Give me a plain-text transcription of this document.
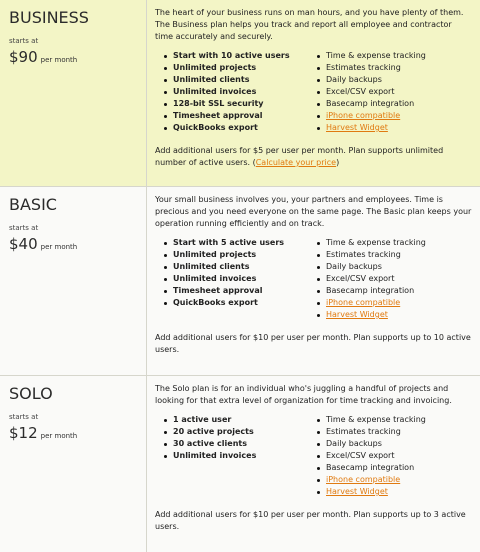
BUSINESS
starts at
$90 per month

The heart of your business runs on man hours, and you have plenty of them. The Business plan helps you track and report all employee and contractor time accurately and securely.

Start with 10 active users
Unlimited projects
Unlimited clients
Unlimited invoices
128-bit SSL security
Timesheet approval
QuickBooks export
Time & expense tracking
Estimates tracking
Daily backups
Excel/CSV export
Basecamp integration
iPhone compatible
Harvest Widget

Add additional users for $5 per user per month. Plan supports unlimited number of active users. (Calculate your price)

BASIC
starts at
$40 per month

Your small business involves you, your partners and employees. Time is precious and you need everyone on the same page. The Basic plan keeps your operation running efficiently and on track.

Start with 5 active users
Unlimited projects
Unlimited clients
Unlimited invoices
Timesheet approval
QuickBooks export
Time & expense tracking
Estimates tracking
Daily backups
Excel/CSV export
Basecamp integration
iPhone compatible
Harvest Widget

Add additional users for $10 per user per month. Plan supports up to 10 active users.

SOLO
starts at
$12 per month

The Solo plan is for an individual who's juggling a handful of projects and looking for that extra level of organization for time tracking and invoicing.

1 active user
20 active projects
30 active clients
Unlimited invoices
Time & expense tracking
Estimates tracking
Daily backups
Excel/CSV export
Basecamp integration
iPhone compatible
Harvest Widget

Add additional users for $10 per user per month. Plan supports up to 3 active users.
